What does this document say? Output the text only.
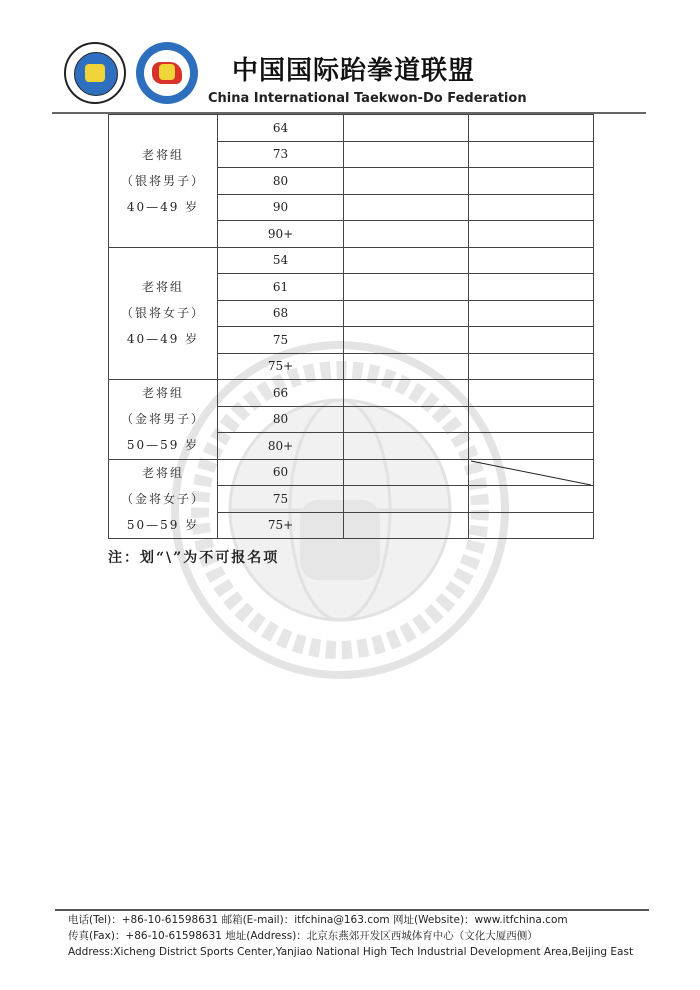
中国国际跆拳道联盟
China International Taekwon-Do Federation
老将组
（银将男子）
40—49 岁	64		
	73		
	80		
	90		
	90+		

老将组
（银将女子）
40—49 岁	54		
	61		
	68		
	75		
	75+		

老将组
（金将男子）
50—59 岁	66		
	80		
	80+		

老将组
（金将女子）
50—59 岁	60		

	75		
	75+		
注：划“\”为不可报名项
电话(Tel)：+86-10-61598631 邮箱(E-mail)：itfchina@163.com 网址(Website)：www.itfchina.com
传真(Fax)：+86-10-61598631 地址(Address)：北京东燕郊开发区西城体育中心（文化大厦西侧）
Address:Xicheng District Sports Center,Yanjiao National High Tech Industrial Development Area,Beijing East
